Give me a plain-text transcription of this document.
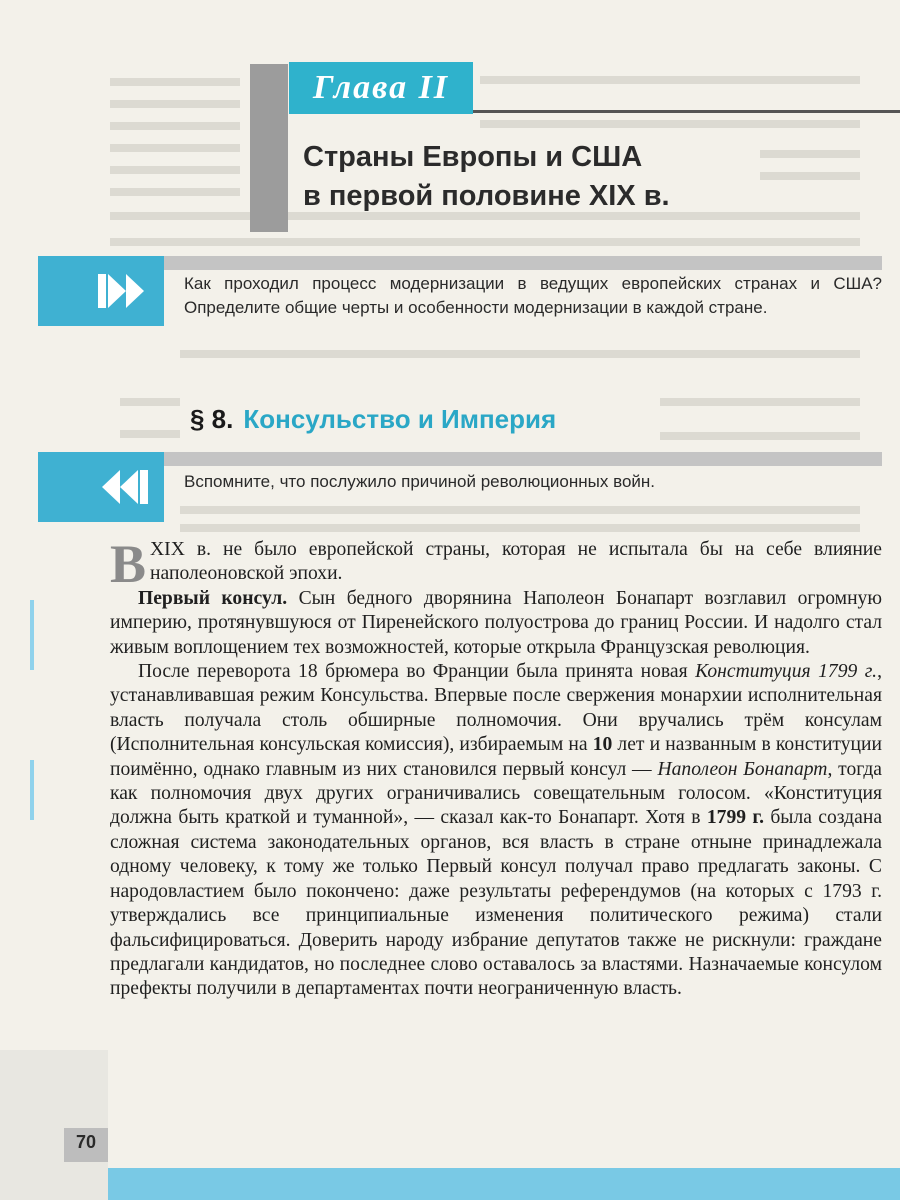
Глава II
Страны Европы и США
в первой половине XIX в.
Как проходил процесс модернизации в ведущих европейских странах и США? Определите общие черты и особенности модернизации в каждой стране.
§ 8. Консульство и Империя
Вспомните, что послужило причиной революционных войн.

В XIX в. не было европейской страны, которая не испытала бы на себе влияние наполеоновской эпохи.

Первый консул. Сын бедного дворянина Наполеон Бонапарт возглавил огромную империю, протянувшуюся от Пиренейского полуострова до границ России. И надолго стал живым воплощением тех возможностей, которые открыла Французская революция.

После переворота 18 брюмера во Франции была принята новая Конституция 1799 г., устанавливавшая режим Консульства. Впервые после свержения монархии исполнительная власть получала столь обширные полномочия. Они вручались трём консулам (Исполнительная консульская комиссия), избираемым на 10 лет и названным в конституции поимённо, однако главным из них становился первый консул — Наполеон Бонапарт, тогда как полномочия двух других ограничивались совещательным голосом. «Конституция должна быть краткой и туманной», — сказал как-то Бонапарт. Хотя в 1799 г. была создана сложная система законодательных органов, вся власть в стране отныне принадлежала одному человеку, к тому же только Первый консул получал право предлагать законы. С народовластием было покончено: даже результаты референдумов (на которых с 1793 г. утверждались все принципиальные изменения политического режима) стали фальсифицироваться. Доверить народу избрание депутатов также не рискнули: граждане предлагали кандидатов, но последнее слово оставалось за властями. Назначаемые консулом префекты получили в департаментах почти неограниченную власть.

70
